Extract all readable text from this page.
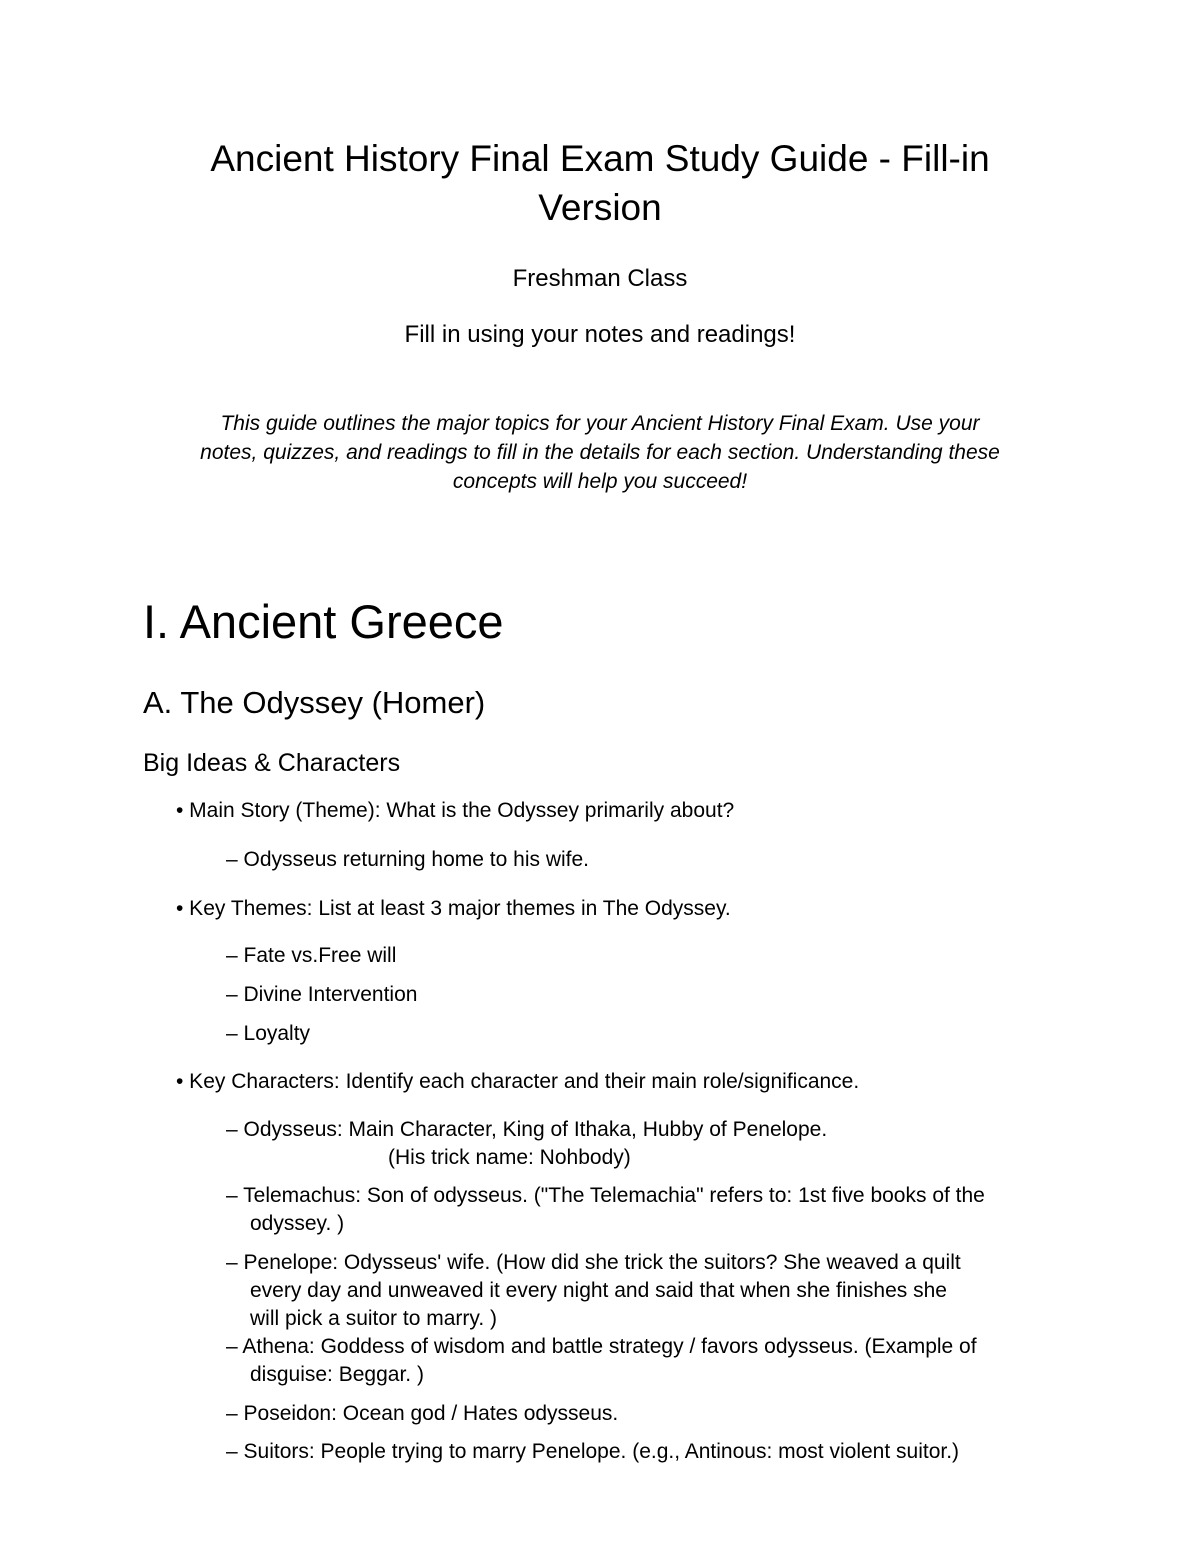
Ancient History Final Exam Study Guide - Fill-in
Version

Freshman Class

Fill in using your notes and readings!

This guide outlines the major topics for your Ancient History Final Exam. Use your
notes, quizzes, and readings to fill in the details for each section. Understanding these
concepts will help you succeed!

I. Ancient Greece
A. The Odyssey (Homer)
Big Ideas & Characters

• Main Story (Theme): What is the Odyssey primarily about?

– Odysseus returning home to his wife.

• Key Themes: List at least 3 major themes in The Odyssey.

– Fate vs.Free will

– Divine Intervention

– Loyalty

• Key Characters: Identify each character and their main role/significance.

– Odysseus: Main Character, King of Ithaka, Hubby of Penelope.

(His trick name: Nohbody)

– Telemachus: Son of odysseus. ("The Telemachia" refers to: 1st five books of the

odyssey. )

– Penelope: Odysseus' wife. (How did she trick the suitors? She weaved a quilt

every day and unweaved it every night and said that when she finishes she

will pick a suitor to marry. )

– Athena: Goddess of wisdom and battle strategy / favors odysseus. (Example of

disguise: Beggar. )

– Poseidon: Ocean god / Hates odysseus.

– Suitors: People trying to marry Penelope. (e.g., Antinous: most violent suitor.)
